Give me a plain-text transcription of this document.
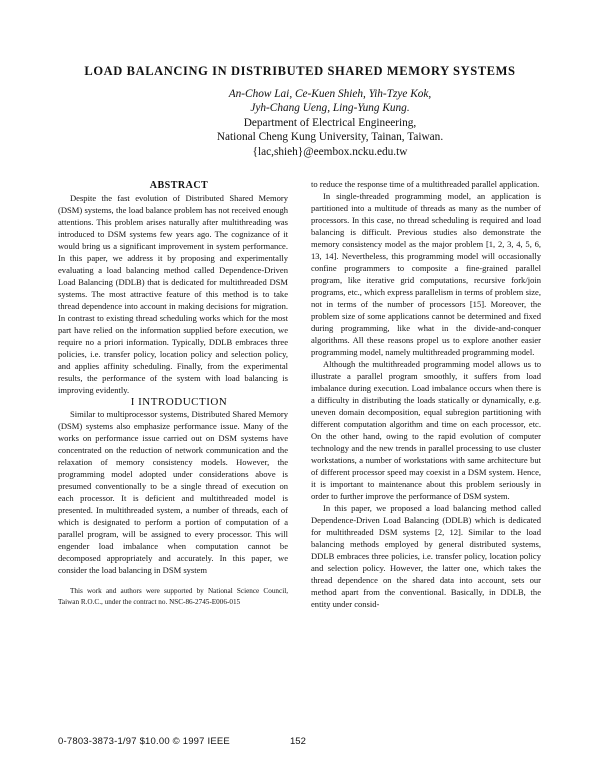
LOAD BALANCING IN DISTRIBUTED SHARED MEMORY SYSTEMS
An-Chow Lai, Ce-Kuen Shieh, Yih-Tzye Kok,
Jyh-Chang Ueng, Ling-Yung Kung.
Department of Electrical Engineering,
National Cheng Kung University, Tainan, Taiwan.
{lac,shieh}@eembox.ncku.edu.tw

ABSTRACT

Despite the fast evolution of Distributed Shared Memory (DSM) systems, the load balance problem has not received enough attentions. This problem arises naturally after multithreading was introduced to DSM systems few years ago. The cognizance of it would bring us a significant improvement in system performance. In this paper, we address it by proposing and experimentally evaluating a load balancing method called Dependence-Driven Load Balancing (DDLB) that is dedicated for multithreaded DSM systems. The most attractive feature of this method is to take thread dependence into account in making decisions for migration. In contrast to existing thread scheduling works which for the most part have relied on the information supplied before execution, we require no a priori information. Typically, DDLB embraces three policies, i.e. transfer policy, location policy and selection policy, and applies affinity scheduling. Finally, from the experimental results, the performance of the system with load balancing is improving evidently.

I INTRODUCTION

Similar to multiprocessor systems, Distributed Shared Memory (DSM) systems also emphasize performance issue. Many of the works on performance issue carried out on DSM systems have concentrated on the reduction of network communication and the relaxation of memory consistency models. However, the programming model adopted under considerations above is presumed conventionally to be a single thread of execution on each processor. It is deficient and multithreaded model is presented. In multithreaded system, a number of threads, each of which is designated to perform a portion of computation of a parallel program, will be assigned to every processor. This will engender load imbalance when computation cannot be decomposed appropriately and accurately. In this paper, we consider the load balancing in DSM system

This work and authors were supported by National Science Council, Taiwan R.O.C., under the contract no. NSC-86-2745-E006-015

to reduce the response time of a multithreaded parallel application.

In single-threaded programming model, an application is partitioned into a multitude of threads as many as the number of processors. In this case, no thread scheduling is required and load balancing is difficult. Previous studies also demonstrate the memory consistency model as the major problem [1, 2, 3, 4, 5, 6, 13, 14]. Nevertheless, this programming model will occasionally confine programmers to composite a fine-grained parallel program, like iterative grid computations, recursive fork/join programs, etc., which express parallelism in terms of problem size, not in terms of the number of processors [15]. Moreover, the problem size of some applications cannot be determined and fixed during programming, like what in the divide-and-conquer algorithms. All these reasons propel us to explore another easier programming model, namely multithreaded programming model.

Although the multithreaded programming model allows us to illustrate a parallel program smoothly, it suffers from load imbalance during execution. Load imbalance occurs when there is a difficulty in distributing the loads statically or dynamically, e.g. uneven domain decomposition, equal subregion partitioning with different computation algorithm and time on each processor, etc. On the other hand, owing to the rapid evolution of computer technology and the new trends in parallel processing to use cluster workstations, a number of workstations with same architecture but of different processor speed may coexist in a DSM system. Hence, it is important to maintenance about this problem seriously in order to further improve the performance of DSM system.

In this paper, we proposed a load balancing method called Dependence-Driven Load Balancing (DDLB) which is dedicated for multithreaded DSM systems [2, 12]. Similar to the load balancing methods employed by general distributed systems, DDLB embraces three policies, i.e. transfer policy, location policy and selection policy. However, the latter one, which takes the thread dependence on the shared data into account, sets our method apart from the conventional. Basically, in DDLB, the entity under consid-

0-7803-3873-1/97 $10.00 © 1997 IEEE	152
